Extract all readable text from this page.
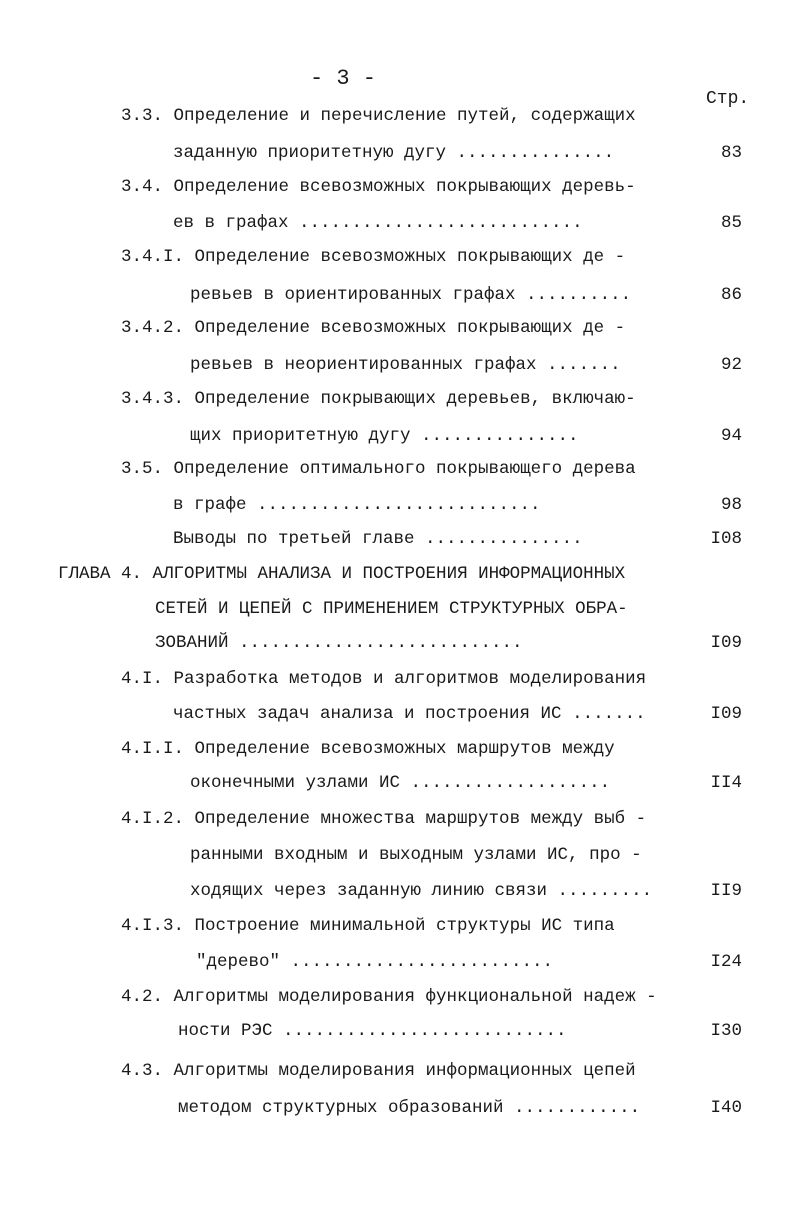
- 3 -
Стр.
3.3. Определение и перечисление путей, содержащих
заданную приоритетную дугу ...............	83
3.4. Определение всевозможных покрывающих деревь-
ев в графах ...........................	85
3.4.I. Определение всевозможных покрывающих де -
ревьев в ориентированных графах ..........	86
3.4.2. Определение всевозможных покрывающих де -
ревьев в неориентированных графах .......	92
3.4.3. Определение покрывающих деревьев, включаю-
щих приоритетную дугу ...............	94
3.5. Определение оптимального покрывающего дерева
в графе ...........................	98
Выводы по третьей главе ...............	I08
ГЛАВА 4. АЛГОРИТМЫ АНАЛИЗА И ПОСТРОЕНИЯ ИНФОРМАЦИОННЫХ
СЕТЕЙ И ЦЕПЕЙ С ПРИМЕНЕНИЕМ СТРУКТУРНЫХ ОБРА-
ЗОВАНИЙ ...........................	I09
4.I. Разработка методов и алгоритмов моделирования
частных задач анализа и построения ИС .......	I09
4.I.I. Определение всевозможных маршрутов между
оконечными узлами ИС ...................	II4
4.I.2. Определение множества маршрутов между выб -
ранными входным и выходным узлами ИС, про -
ходящих через заданную линию связи .........	II9
4.I.3. Построение минимальной структуры ИС типа
"дерево" .........................	I24
4.2. Алгоритмы моделирования функциональной надеж -
ности РЭС ...........................	I30
4.3. Алгоритмы моделирования информационных цепей
методом структурных образований ............	I40
